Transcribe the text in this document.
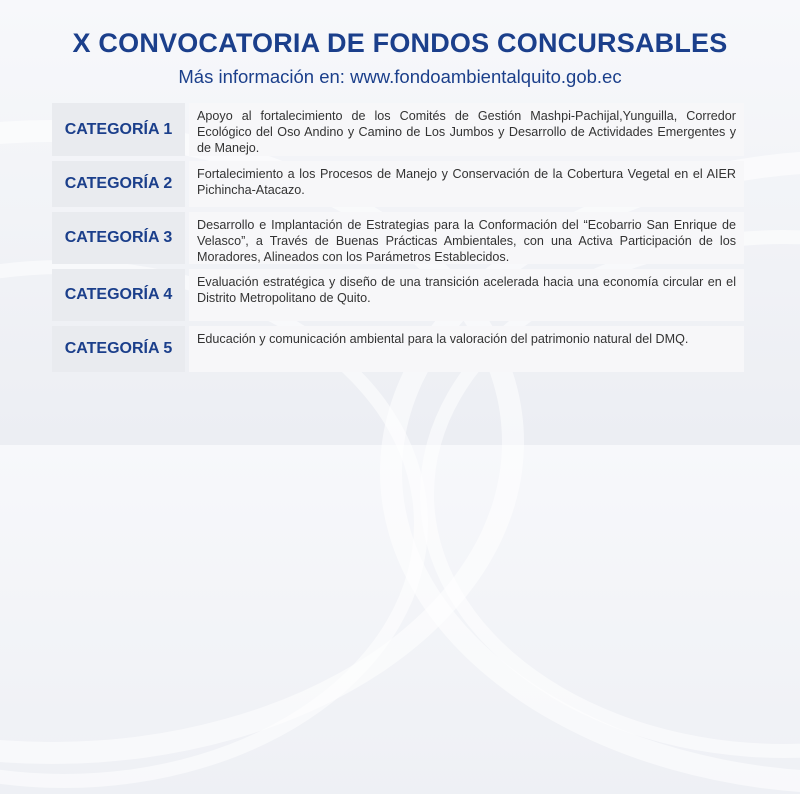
X CONVOCATORIA DE FONDOS CONCURSABLES
Más información en: www.fondoambientalquito.gob.ec
CATEGORÍA 1
Apoyo al fortalecimiento de los Comités de Gestión Mashpi-Pachijal,Yunguilla, Corredor Ecológico del Oso Andino y Camino de Los Jumbos y Desarrollo de Actividades Emergentes y de Manejo.
CATEGORÍA 2
Fortalecimiento a los Procesos de Manejo y Conservación de la Cobertura Vegetal en el AIER Pichincha-Atacazo.
CATEGORÍA 3
Desarrollo e Implantación de Estrategias para la Conformación del “Ecobarrio San Enrique de Velasco”, a Través de Buenas Prácticas Ambientales, con una Activa Participación de los Moradores, Alineados con los Parámetros Establecidos.
CATEGORÍA 4
Evaluación estratégica y diseño de una transición acelerada hacia una economía circular en el Distrito Metropolitano de Quito.
CATEGORÍA 5
Educación y comunicación ambiental para la valoración del patrimonio natural del DMQ.
